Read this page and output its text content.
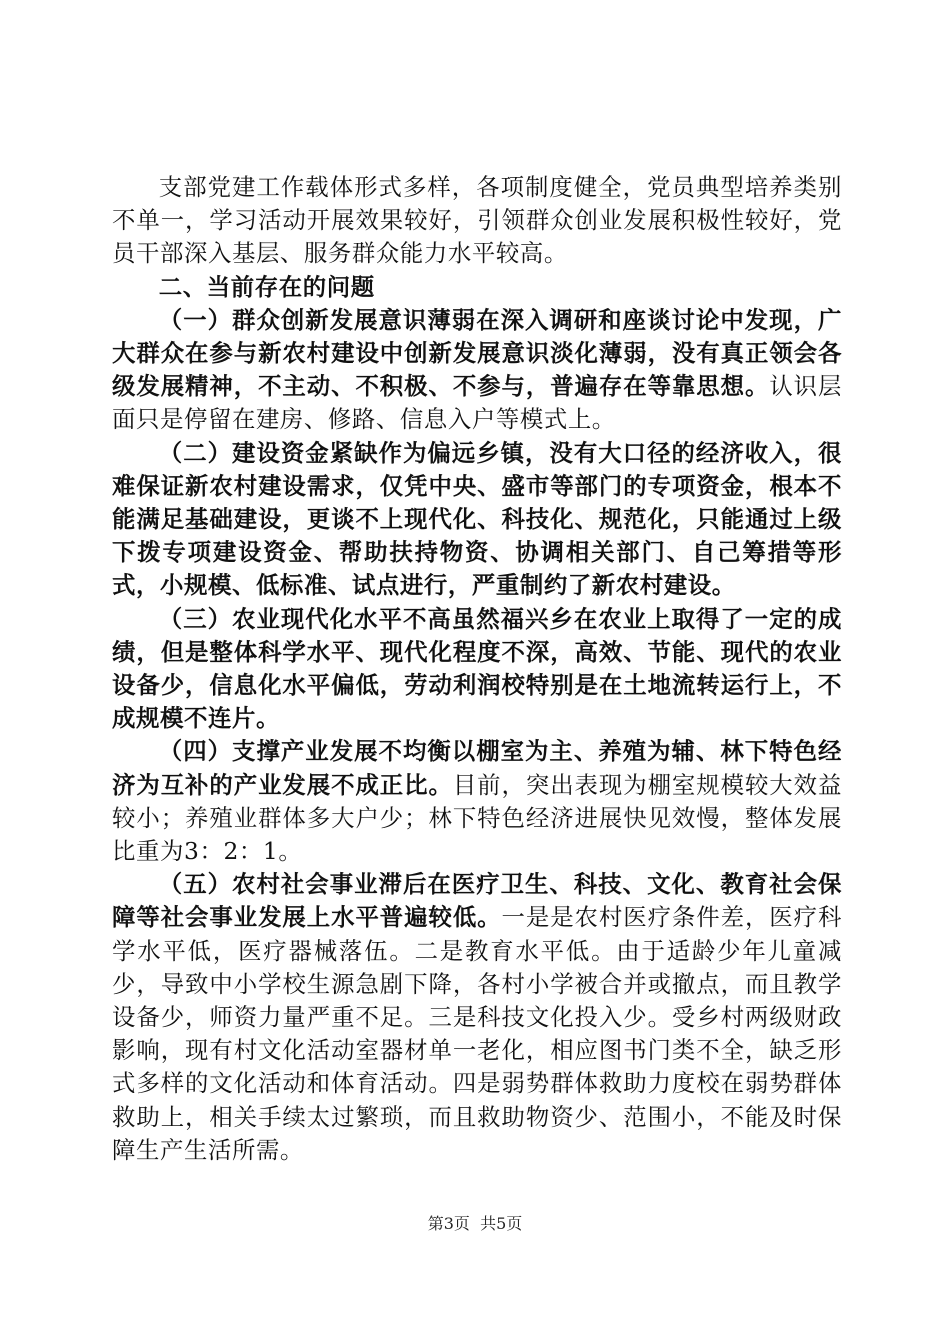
支部党建工作载体形式多样，各项制度健全，党员典型培养类别不单一，学习活动开展效果较好，引领群众创业发展积极性较好，党员干部深入基层、服务群众能力水平较高。

二、当前存在的问题

（一）群众创新发展意识薄弱在深入调研和座谈讨论中发现，广大群众在参与新农村建设中创新发展意识淡化薄弱，没有真正领会各级发展精神，不主动、不积极、不参与，普遍存在等靠思想。认识层面只是停留在建房、修路、信息入户等模式上。

（二）建设资金紧缺作为偏远乡镇，没有大口径的经济收入，很难保证新农村建设需求，仅凭中央、盛市等部门的专项资金，根本不能满足基础建设，更谈不上现代化、科技化、规范化，只能通过上级下拨专项建设资金、帮助扶持物资、协调相关部门、自己筹措等形式，小规模、低标准、试点进行，严重制约了新农村建设。

（三）农业现代化水平不高虽然福兴乡在农业上取得了一定的成绩，但是整体科学水平、现代化程度不深，高效、节能、现代的农业设备少，信息化水平偏低，劳动利润校特别是在土地流转运行上，不成规模不连片。

（四）支撑产业发展不均衡以棚室为主、养殖为辅、林下特色经济为互补的产业发展不成正比。目前，突出表现为棚室规模较大效益较小；养殖业群体多大户少；林下特色经济进展快见效慢，整体发展比重为3：2：1。

（五）农村社会事业滞后在医疗卫生、科技、文化、教育社会保障等社会事业发展上水平普遍较低。一是是农村医疗条件差，医疗科学水平低，医疗器械落伍。二是教育水平低。由于适龄少年儿童减少，导致中小学校生源急剧下降，各村小学被合并或撤点，而且教学设备少，师资力量严重不足。三是科技文化投入少。受乡村两级财政影响，现有村文化活动室器材单一老化，相应图书门类不全，缺乏形式多样的文化活动和体育活动。四是弱势群体救助力度校在弱势群体救助上，相关手续太过繁琐，而且救助物资少、范围小，不能及时保障生产生活所需。

第3页 共5页
